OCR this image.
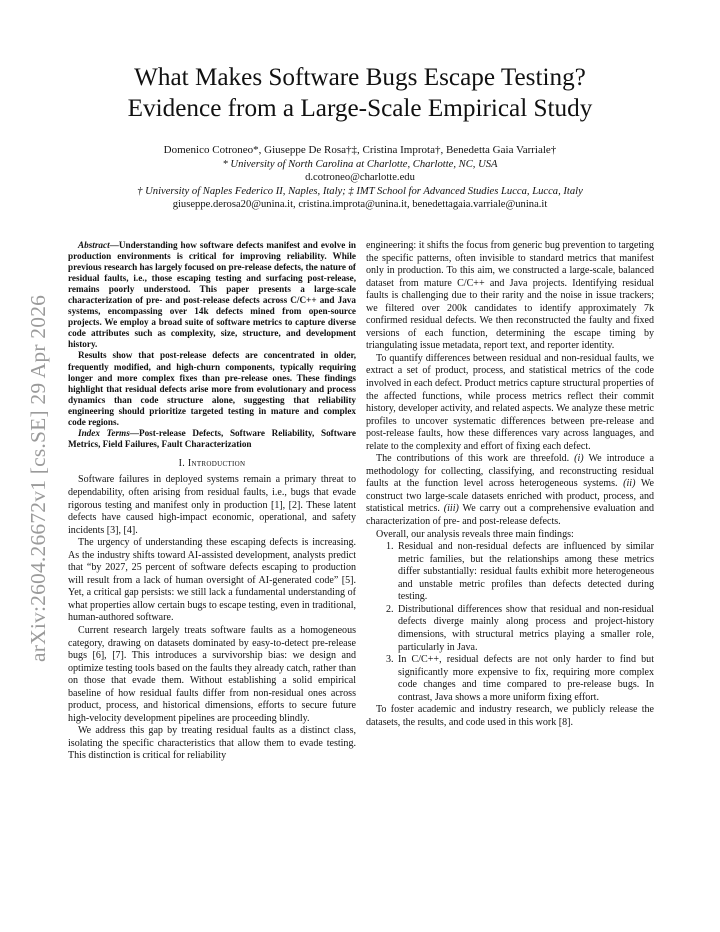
arXiv:2604.26672v1 [cs.SE] 29 Apr 2026
What Makes Software Bugs Escape Testing?
Evidence from a Large-Scale Empirical Study
Domenico Cotroneo*, Giuseppe De Rosa†‡, Cristina Improta†, Benedetta Gaia Varriale†
* University of North Carolina at Charlotte, Charlotte, NC, USA
d.cotroneo@charlotte.edu
† University of Naples Federico II, Naples, Italy; ‡ IMT School for Advanced Studies Lucca, Lucca, Italy
giuseppe.derosa20@unina.it, cristina.improta@unina.it, benedettagaia.varriale@unina.it

Abstract—Understanding how software defects manifest and evolve in production environments is critical for improving reliability. While previous research has largely focused on pre-release defects, the nature of residual faults, i.e., those escaping testing and surfacing post-release, remains poorly understood. This paper presents a large-scale characterization of pre- and post-release defects across C/C++ and Java systems, encompassing over 14k defects mined from open-source projects. We employ a broad suite of software metrics to capture diverse code attributes such as complexity, size, structure, and development history.

Results show that post-release defects are concentrated in older, frequently modified, and high-churn components, typically requiring longer and more complex fixes than pre-release ones. These findings highlight that residual defects arise more from evolutionary and process dynamics than code structure alone, suggesting that reliability engineering should prioritize targeted testing in mature and complex code regions.

Index Terms—Post-release Defects, Software Reliability, Software Metrics, Field Failures, Fault Characterization

I. Introduction

Software failures in deployed systems remain a primary threat to dependability, often arising from residual faults, i.e., bugs that evade rigorous testing and manifest only in production [1], [2]. These latent defects have caused high-impact economic, operational, and safety incidents [3], [4].

The urgency of understanding these escaping defects is increasing. As the industry shifts toward AI-assisted development, analysts predict that “by 2027, 25 percent of software defects escaping to production will result from a lack of human oversight of AI-generated code” [5]. Yet, a critical gap persists: we still lack a fundamental understanding of what properties allow certain bugs to escape testing, even in traditional, human-authored software.

Current research largely treats software faults as a homogeneous category, drawing on datasets dominated by easy-to-detect pre-release bugs [6], [7]. This introduces a survivorship bias: we design and optimize testing tools based on the faults they already catch, rather than on those that evade them. Without establishing a solid empirical baseline of how residual faults differ from non-residual ones across product, process, and historical dimensions, efforts to secure future high-velocity development pipelines are proceeding blindly.

We address this gap by treating residual faults as a distinct class, isolating the specific characteristics that allow them to evade testing. This distinction is critical for reliability

engineering: it shifts the focus from generic bug prevention to targeting the specific patterns, often invisible to standard metrics that manifest only in production. To this aim, we constructed a large-scale, balanced dataset from mature C/C++ and Java projects. Identifying residual faults is challenging due to their rarity and the noise in issue trackers; we filtered over 200k candidates to identify approximately 7k confirmed residual defects. We then reconstructed the faulty and fixed versions of each function, determining the escape timing by triangulating issue metadata, report text, and reporter identity.

To quantify differences between residual and non-residual faults, we extract a set of product, process, and statistical metrics of the code involved in each defect. Product metrics capture structural properties of the affected functions, while process metrics reflect their commit history, developer activity, and related aspects. We analyze these metric profiles to uncover systematic differences between pre-release and post-release faults, how these differences vary across languages, and relate to the complexity and effort of fixing each defect.

The contributions of this work are threefold. (i) We introduce a methodology for collecting, classifying, and reconstructing residual faults at the function level across heterogeneous systems. (ii) We construct two large-scale datasets enriched with product, process, and statistical metrics. (iii) We carry out a comprehensive evaluation and characterization of pre- and post-release defects.

Overall, our analysis reveals three main findings:

1. Residual and non-residual defects are influenced by similar metric families, but the relationships among these metrics differ substantially: residual faults exhibit more heterogeneous and unstable metric profiles than defects detected during testing.
2. Distributional differences show that residual and non-residual defects diverge mainly along process and project-history dimensions, with structural metrics playing a smaller role, particularly in Java.
3. In C/C++, residual defects are not only harder to find but significantly more expensive to fix, requiring more complex code changes and time compared to pre-release bugs. In contrast, Java shows a more uniform fixing effort.

To foster academic and industry research, we publicly release the datasets, the results, and code used in this work [8].
